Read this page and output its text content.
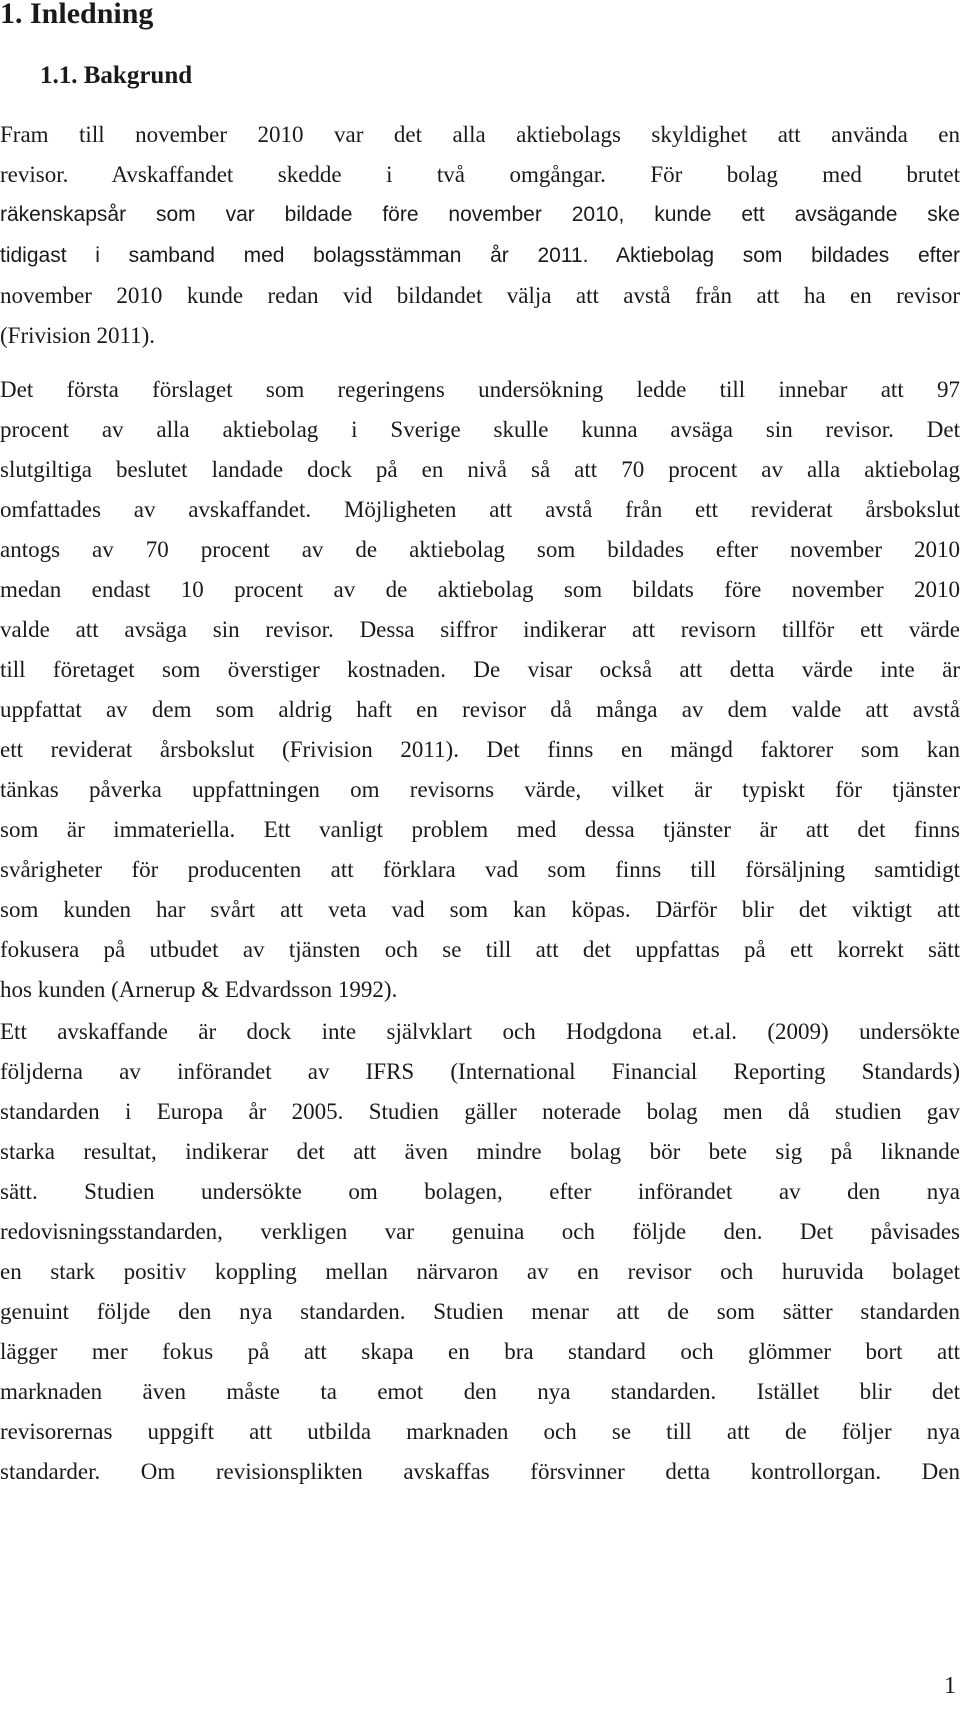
1. Inledning
1.1. Bakgrund
Fram till november 2010 var det alla aktiebolags skyldighet att använda en
revisor. Avskaffandet skedde i två omgångar. För bolag med brutet
räkenskapsår som var bildade före november 2010, kunde ett avsägande ske
tidigast i samband med bolagsstämman år 2011. Aktiebolag som bildades efter
november 2010 kunde redan vid bildandet välja att avstå från att ha en revisor
(Frivision 2011).
Det första förslaget som regeringens undersökning ledde till innebar att 97
procent av alla aktiebolag i Sverige skulle kunna avsäga sin revisor. Det
slutgiltiga beslutet landade dock på en nivå så att 70 procent av alla aktiebolag
omfattades av avskaffandet. Möjligheten att avstå från ett reviderat årsbokslut
antogs av 70 procent av de aktiebolag som bildades efter november 2010
medan endast 10 procent av de aktiebolag som bildats före november 2010
valde att avsäga sin revisor. Dessa siffror indikerar att revisorn tillför ett värde
till företaget som överstiger kostnaden. De visar också att detta värde inte är
uppfattat av dem som aldrig haft en revisor då många av dem valde att avstå
ett reviderat årsbokslut (Frivision 2011). Det finns en mängd faktorer som kan
tänkas påverka uppfattningen om revisorns värde, vilket är typiskt för tjänster
som är immateriella. Ett vanligt problem med dessa tjänster är att det finns
svårigheter för producenten att förklara vad som finns till försäljning samtidigt
som kunden har svårt att veta vad som kan köpas. Därför blir det viktigt att
fokusera på utbudet av tjänsten och se till att det uppfattas på ett korrekt sätt
hos kunden (Arnerup & Edvardsson 1992).
Ett avskaffande är dock inte självklart och Hodgdona et.al. (2009) undersökte
följderna av införandet av IFRS (International Financial Reporting Standards)
standarden i Europa år 2005. Studien gäller noterade bolag men då studien gav
starka resultat, indikerar det att även mindre bolag bör bete sig på liknande
sätt. Studien undersökte om bolagen, efter införandet av den nya
redovisningsstandarden, verkligen var genuina och följde den. Det påvisades
en stark positiv koppling mellan närvaron av en revisor och huruvida bolaget
genuint följde den nya standarden. Studien menar att de som sätter standarden
lägger mer fokus på att skapa en bra standard och glömmer bort att
marknaden även måste ta emot den nya standarden. Istället blir det
revisorernas uppgift att utbilda marknaden och se till att de följer nya
standarder. Om revisionsplikten avskaffas försvinner detta kontrollorgan. Den
1
